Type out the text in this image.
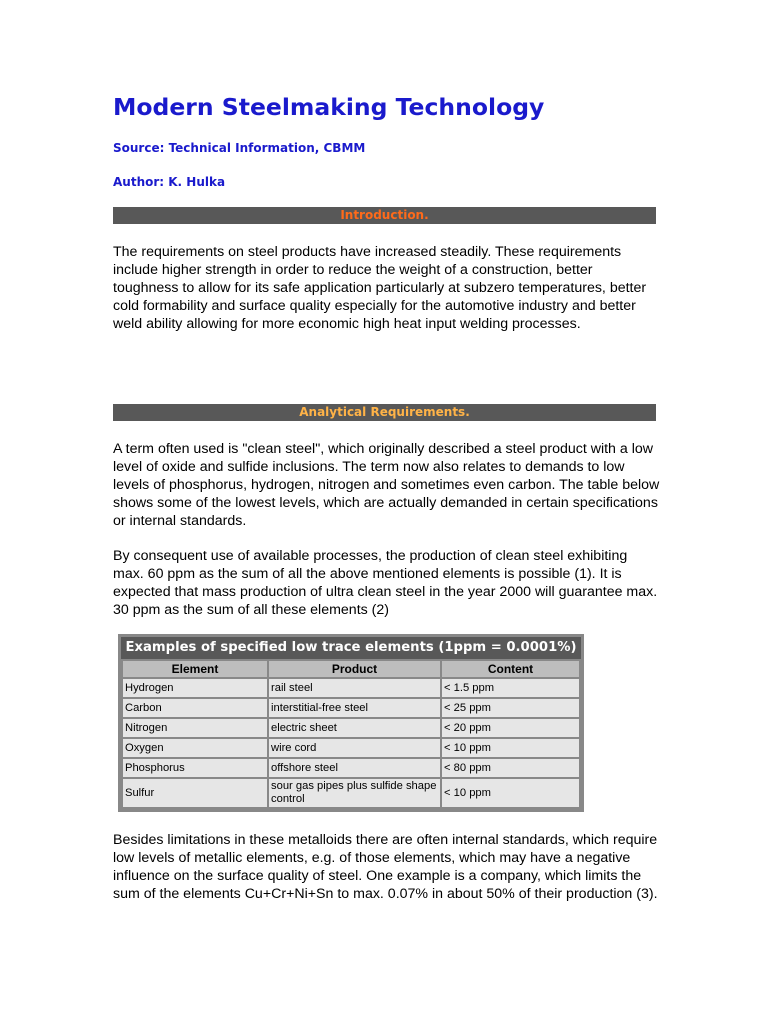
Modern Steelmaking Technology

Source: Technical Information, CBMM

Author: K. Hulka

Introduction.

The requirements on steel products have increased steadily. These requirements include higher strength in order to reduce the weight of a construction, better toughness to allow for its safe application particularly at subzero temperatures, better cold formability and surface quality especially for the automotive industry and better weld ability allowing for more economic high heat input welding processes.

Analytical Requirements.

A term often used is "clean steel", which originally described a steel product with a low level of oxide and sulfide inclusions. The term now also relates to demands to low levels of phosphorus, hydrogen, nitrogen and sometimes even carbon. The table below shows some of the lowest levels, which are actually demanded in certain specifications or internal standards.

By consequent use of available processes, the production of clean steel exhibiting max. 60 ppm as the sum of all the above mentioned elements is possible (1). It is expected that mass production of ultra clean steel in the year 2000 will guarantee max. 30 ppm as the sum of all these elements (2)

Examples of specified low trace elements (1ppm = 0.0001%)
Element	Product	Content
Hydrogen	rail steel	< 1.5 ppm
Carbon	interstitial-free steel	< 25 ppm
Nitrogen	electric sheet	< 20 ppm
Oxygen	wire cord	< 10 ppm
Phosphorus	offshore steel	< 80 ppm
Sulfur	sour gas pipes plus sulfide shape control	< 10 ppm

Besides limitations in these metalloids there are often internal standards, which require low levels of metallic elements, e.g. of those elements, which may have a negative influence on the surface quality of steel. One example is a company, which limits the sum of the elements Cu+Cr+Ni+Sn to max. 0.07% in about 50% of their production (3).
